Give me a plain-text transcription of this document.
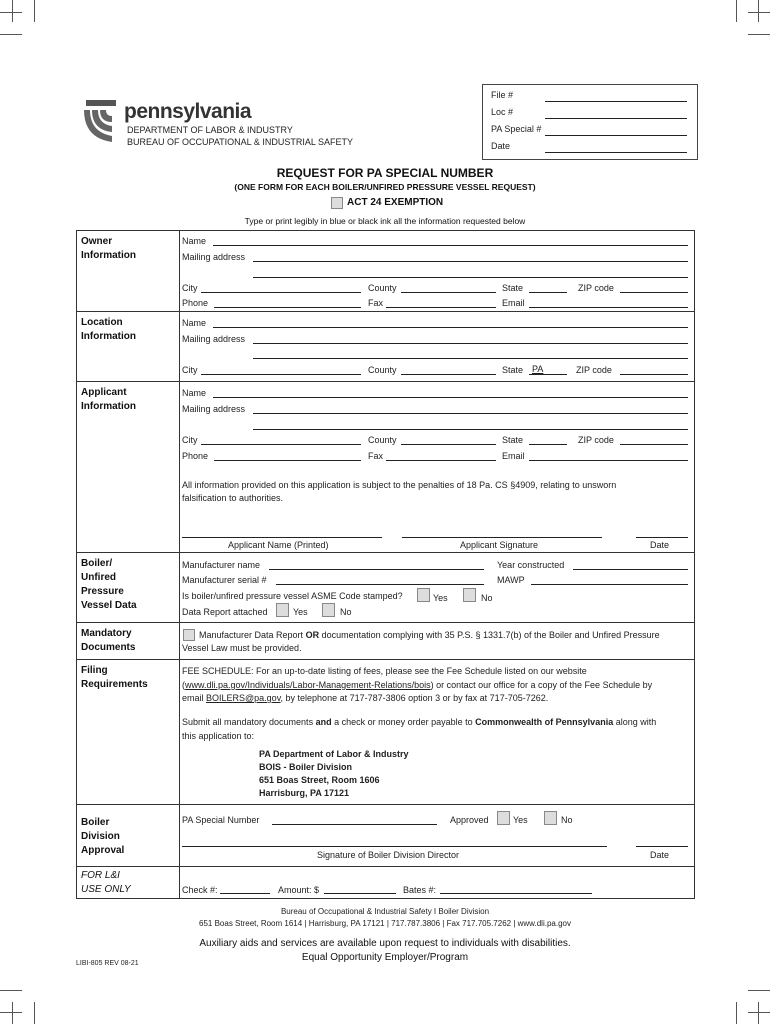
pennsylvania
DEPARTMENT OF LABOR & INDUSTRY
BUREAU OF OCCUPATIONAL & INDUSTRIAL SAFETY
File #
Loc #
PA Special #
Date
REQUEST FOR PA SPECIAL NUMBER
(ONE FORM FOR EACH BOILER/UNFIRED PRESSURE VESSEL REQUEST)
ACT 24 EXEMPTION
Type or print legibly in blue or black ink all the information requested below
Owner
Information
Name
Mailing address
City	County	State	ZIP code
Phone	Fax	Email
Location
Information
Name
Mailing address
City	County	State PA	ZIP code
Applicant
Information
Name
Mailing address
City	County	State	ZIP code
Phone	Fax	Email
All information provided on this application is subject to the penalties of 18 Pa. CS §4909, relating to unsworn
falsification to authorities.
Applicant Name (Printed)	Applicant Signature	Date
Boiler/
Unfired
Pressure
Vessel Data
Manufacturer name	Year constructed
Manufacturer serial #	MAWP
Is boiler/unfired pressure vessel ASME Code stamped?	Yes	No
Data Report attached	Yes	No
Mandatory
Documents
Manufacturer Data Report OR documentation complying with 35 P.S. § 1331.7(b) of the Boiler and Unfired Pressure
Vessel Law must be provided.
Filing
Requirements
FEE SCHEDULE: For an up-to-date listing of fees, please see the Fee Schedule listed on our website
(www.dli.pa.gov/Individuals/Labor-Management-Relations/bois) or contact our office for a copy of the Fee Schedule by
email BOILERS@pa.gov, by telephone at 717-787-3806 option 3 or by fax at 717-705-7262.
Submit all mandatory documents and a check or money order payable to Commonwealth of Pennsylvania along with
this application to:
PA Department of Labor & Industry
BOIS - Boiler Division
651 Boas Street, Room 1606
Harrisburg, PA 17121
Boiler
Division
Approval
PA Special Number	Approved	Yes	No
Signature of Boiler Division Director	Date
FOR L&I
USE ONLY	Check #:	Amount: $	Bates #:
Bureau of Occupational & Industrial Safety I Boiler Division
651 Boas Street, Room 1614 | Harrisburg, PA 17121 | 717.787.3806 | Fax 717.705.7262 | www.dli.pa.gov
Auxiliary aids and services are available upon request to individuals with disabilities.
Equal Opportunity Employer/Program
LIBI-805 REV 08-21
